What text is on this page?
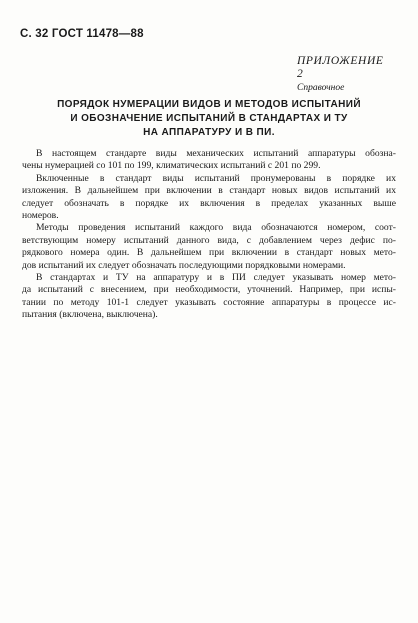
С. 32 ГОСТ 11478—88
ПРИЛОЖЕНИЕ 2
Справочное
ПОРЯДОК НУМЕРАЦИИ ВИДОВ И МЕТОДОВ ИСПЫТАНИЙ
И ОБОЗНАЧЕНИЕ ИСПЫТАНИЙ В СТАНДАРТАХ И ТУ
НА АППАРАТУРУ И В ПИ.

В настоящем стандарте виды механических испытаний аппаратуры обозна-
чены нумерацией со 101 по 199, климатических испытаний с 201 по 299.

Включенные в стандарт виды испытаний пронумерованы в порядке их
изложения. В дальнейшем при включении в стандарт новых видов испытаний их
следует обозначать в порядке их включения в пределах указанных выше
номеров.

Методы проведения испытаний каждого вида обозначаются номером, соот-
ветствующим номеру испытаний данного вида, с добавлением через дефис по-
рядкового номера один. В дальнейшем при включении в стандарт новых мето-
дов испытаний их следует обозначать последующими порядковыми номерами.

В стандартах и ТУ на аппаратуру и в ПИ следует указывать номер мето-
да испытаний с внесением, при необходимости, уточнений. Например, при испы-
тании по методу 101-1 следует указывать состояние аппаратуры в процессе ис-
пытания (включена, выключена).
